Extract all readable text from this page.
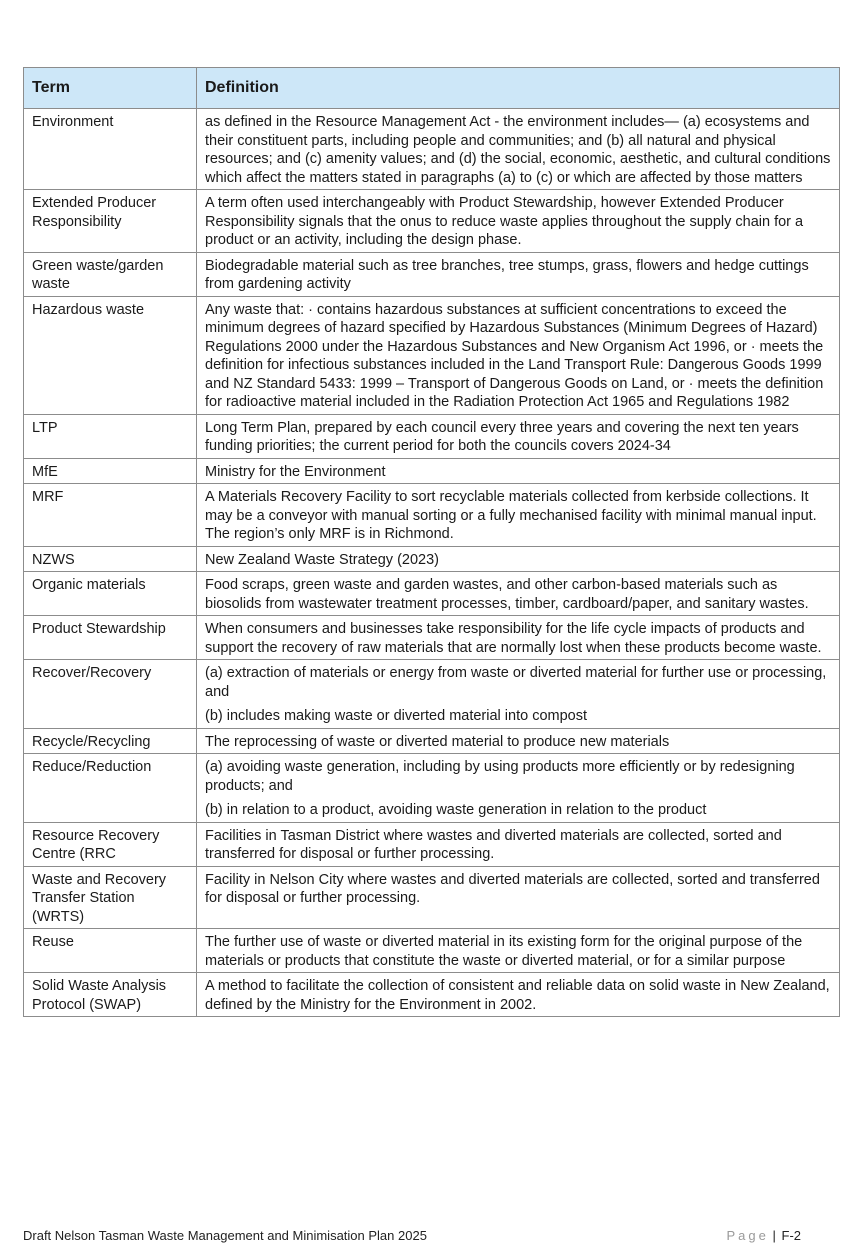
Term	Definition
Environment	as defined in the Resource Management Act - the environment includes— (a) ecosystems and their constituent parts, including people and communities; and (b) all natural and physical resources; and (c) amenity values; and (d) the social, economic, aesthetic, and cultural conditions which affect the matters stated in paragraphs (a) to (c) or which are affected by those matters

Extended Producer Responsibility	A term often used interchangeably with Product Stewardship, however Extended Producer Responsibility signals that the onus to reduce waste applies throughout the supply chain for a product or an activity, including the design phase.

Green waste/garden waste	Biodegradable material such as tree branches, tree stumps, grass, flowers and hedge cuttings from gardening activity

Hazardous waste	Any waste that: · contains hazardous substances at sufficient concentrations to exceed the minimum degrees of hazard specified by Hazardous Substances (Minimum Degrees of Hazard) Regulations 2000 under the Hazardous Substances and New Organism Act 1996, or · meets the definition for infectious substances included in the Land Transport Rule: Dangerous Goods 1999 and NZ Standard 5433: 1999 – Transport of Dangerous Goods on Land, or · meets the definition for radioactive material included in the Radiation Protection Act 1965 and Regulations 1982

LTP	Long Term Plan, prepared by each council every three years and covering the next ten years funding priorities; the current period for both the councils covers 2024-34

MfE	Ministry for the Environment

MRF	A Materials Recovery Facility to sort recyclable materials collected from kerbside collections. It may be a conveyor with manual sorting or a fully mechanised facility with minimal manual input. The region’s only MRF is in Richmond.

NZWS	New Zealand Waste Strategy (2023)

Organic materials	Food scraps, green waste and garden wastes, and other carbon-based materials such as biosolids from wastewater treatment processes, timber, cardboard/paper, and sanitary wastes.

Product Stewardship	When consumers and businesses take responsibility for the life cycle impacts of products and support the recovery of raw materials that are normally lost when these products become waste.

Recover/Recovery	(a) extraction of materials or energy from waste or diverted material for further use or processing, and

(b) includes making waste or diverted material into compost

Recycle/Recycling	The reprocessing of waste or diverted material to produce new materials

Reduce/Reduction	(a) avoiding waste generation, including by using products more efficiently or by redesigning products; and

(b) in relation to a product, avoiding waste generation in relation to the product

Resource Recovery Centre (RRC	Facilities in Tasman District where wastes and diverted materials are collected, sorted and transferred for disposal or further processing.

Waste and Recovery Transfer Station (WRTS)	Facility in Nelson City where wastes and diverted materials are collected, sorted and transferred for disposal or further processing.

Reuse	The further use of waste or diverted material in its existing form for the original purpose of the materials or products that constitute the waste or diverted material, or for a similar purpose

Solid Waste Analysis Protocol (SWAP)	A method to facilitate the collection of consistent and reliable data on solid waste in New Zealand, defined by the Ministry for the Environment in 2002.

Draft Nelson Tasman Waste Management and Minimisation Plan 2025	Page | F-2
